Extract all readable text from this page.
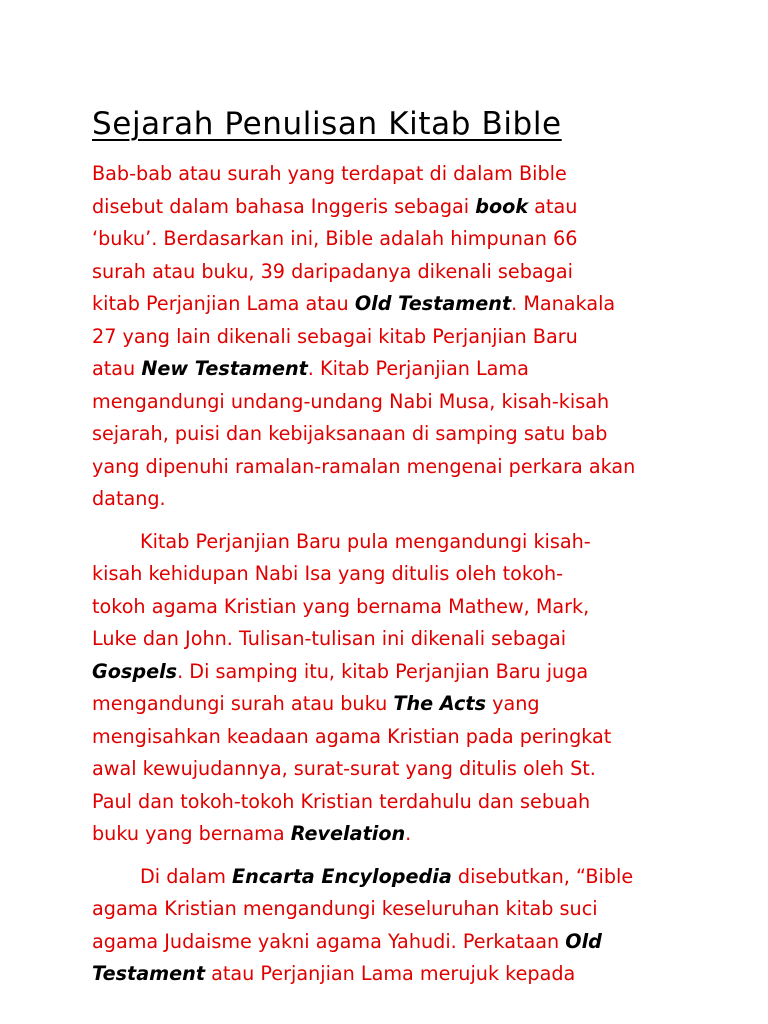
Sejarah Penulisan Kitab Bible

Bab-bab atau surah yang terdapat di dalam Bible
disebut dalam bahasa Inggeris sebagai book atau
‘buku’. Berdasarkan ini, Bible adalah himpunan 66
surah atau buku, 39 daripadanya dikenali sebagai
kitab Perjanjian Lama atau Old Testament. Manakala
27 yang lain dikenali sebagai kitab Perjanjian Baru
atau New Testament. Kitab Perjanjian Lama
mengandungi undang-undang Nabi Musa, kisah-kisah
sejarah, puisi dan kebijaksanaan di samping satu bab
yang dipenuhi ramalan-ramalan mengenai perkara akan
datang.

Kitab Perjanjian Baru pula mengandungi kisah-
kisah kehidupan Nabi Isa yang ditulis oleh tokoh-
tokoh agama Kristian yang bernama Mathew, Mark,
Luke dan John. Tulisan-tulisan ini dikenali sebagai
Gospels. Di samping itu, kitab Perjanjian Baru juga
mengandungi surah atau buku The Acts yang
mengisahkan keadaan agama Kristian pada peringkat
awal kewujudannya, surat-surat yang ditulis oleh St.
Paul dan tokoh-tokoh Kristian terdahulu dan sebuah
buku yang bernama Revelation.

Di dalam Encarta Encylopedia disebutkan, “Bible
agama Kristian mengandungi keseluruhan kitab suci
agama Judaisme yakni agama Yahudi. Perkataan Old
Testament atau Perjanjian Lama merujuk kepada
